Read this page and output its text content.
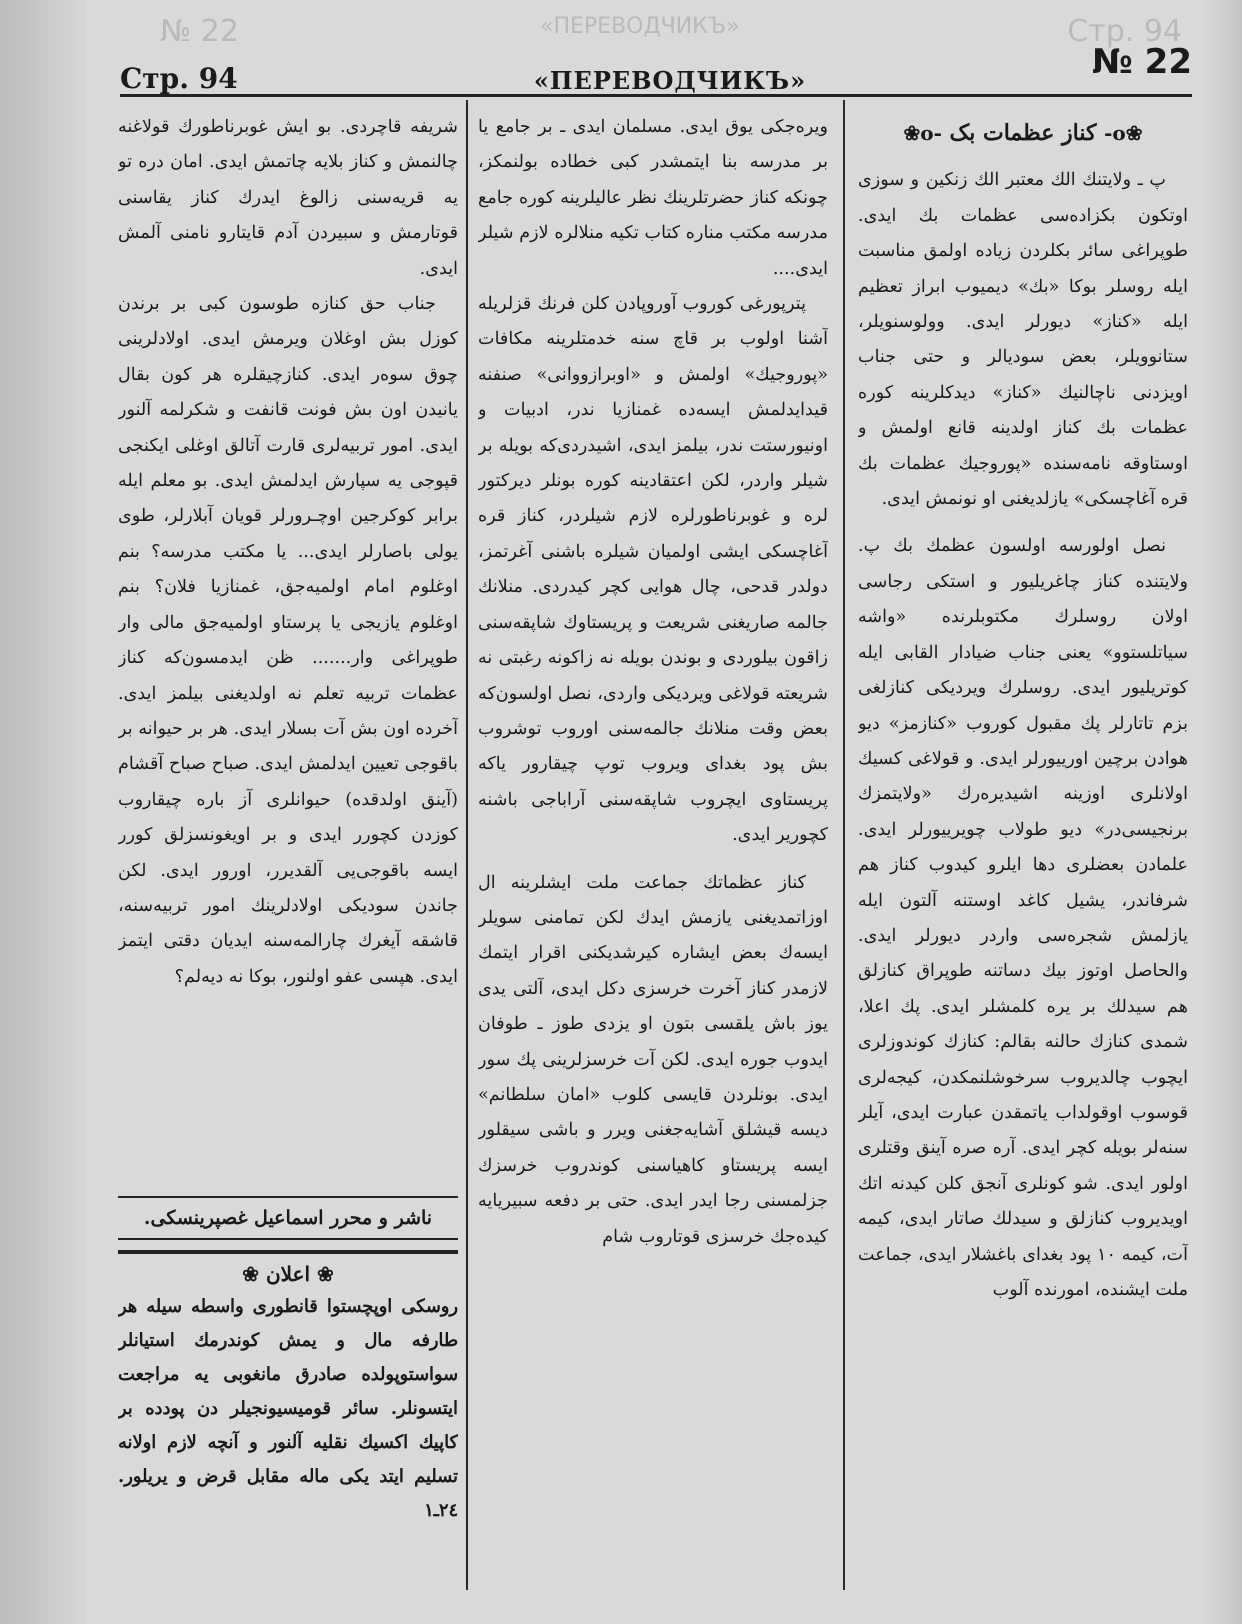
№ 22	«ПЕРЕВОДЧИКЪ»	Стр. 94
Стр. 94	«ПЕРЕВОДЧИКЪ»	№ 22

❀o- کناز عظمات بک -o❀

پ ـ ولايتنك الك معتبر الك زنكين و سوزى اوتكون بكزادەسى عظمات بك ايدى. طوپراغى سائر بكلردن زياده اولمق مناسبت ايله روسلر بوكا «بك» ديميوب ابراز تعظيم ايله «كناز» ديورلر ايدى. وولوسنويلر، ستانوويلر، بعض سوديالر و حتى جناب اويزدنى ناچالنيك «كناز» ديدكلرينه كوره عظمات بك كناز اولدينه قانع اولمش و اوستاوقه نامەسنده «پوروجيك عظمات بك قره آغاچسكى» يازلديغنى او نونمش ايدى.

نصل اولورسه اولسون عظمك بك پ. ولايتنده كناز چاغريليور و استكى رجاسى اولان روسلرك مكتوبلرنده «واشه سياتلستوو» يعنى جناب ضيادار القابى ايله كوتريليور ايدى. روسلرك ويرديكى كنازلغى بزم تاتارلر پك مقبول كوروب «كنازمز» ديو هوادن برچين اورييورلر ايدى. و قولاغى كسيك اولانلرى اوزينه اشيديرەرك «ولايتمزك برنجيسى‌در» ديو طولاب چويرييورلر ايدى. علمادن بعضلرى دها ايلرو كيدوب كناز هم شرفاندر، يشيل كاغد اوستنه آلتون ايله يازلمش شجرەسى واردر ديورلر ايدى. والحاصل اوتوز بيك دساتنه طوپراق كنازلق هم سيدلك بر يره كلمشلر ايدى. پك اعلا، شمدى كنازك حالنه بقالم: كنازك كوندوزلرى ايچوب چالديروب سرخوشلنمكدن، كيجەلرى قوسوب اوقولداب ياتمقدن عبارت ايدى، آيلر سنەلر بويله كچر ايدى. آره صره آينق وقتلرى اولور ايدى. شو كونلرى آنجق كلن كيدنه اتك اويديروب كنازلق و سيدلك صاتار ايدى، كيمه آت، كيمه ١٠ پود بغداى باغشلار ايدى، جماعت ملت ايشنده، امورنده آلوب

ويرەجكى يوق ايدى. مسلمان ايدى ـ بر جامع يا بر مدرسه بنا ايتمشدر كبى خطاده بولنمكز، چونكه كناز حضرتلرينك نظر عاليلرينه كوره جامع مدرسه مكتب مناره كتاب تكيه منلالره لازم شيلر ايدى....

پترپورغى كوروب آوروپادن كلن فرنك قزلريله آشنا اولوب بر قاچ سنه خدمتلرينه مكافات «پوروجيك» اولمش و «اوبرازووانى» صنفنه قيدايدلمش ايسەده غمنازيا ندر، ادبيات و اونيورستت ندر، بيلمز ايدى، اشيدردى‌كه بويله بر شيلر واردر، لكن اعتقادينه كوره بونلر ديركتور لره و غوبرناطورلره لازم شيلردر، كناز قره آغاچسكى ايشى اولميان شيلره باشنى آغرتمز، دولدر قدحى، چال هوايى كچر كيدردى. منلانك جالمه صاريغنى شريعت و پريستاوك شاپقەسنى زاقون بيلوردى و بوندن بويله نه زاكونه رغبتى نه شريعته قولاغى ويرديكى واردى، نصل اولسون‌كه بعض وقت منلانك جالمەسنى اوروب توشروب بش پود بغداى ويروب توپ چيقارور ياكه پريستاوى ايچروب شاپقەسنى آراباجى باشنه كچورير ايدى.

كناز عظماتك جماعت ملت ايشلرينه ال اوزاتمديغنى يازمش ايدك لكن تمامنى سويلر ايسەك بعض ايشاره كيرشديكنى اقرار ايتمك لازمدر كناز آخرت خرسزى دكل ايدى، آلتى يدى يوز باش يلقسى بتون او يزدى طوز ـ طوفان ايدوب جوره ايدى. لكن آت خرسزلرينى پك سور ايدى. بونلردن قايسى كلوب «امان سلطانم» ديسه قيشلق آشايەجغنى ويرر و باشى سيقلور ايسه پريستاو كاهياسنى كوندروب خرسزك جزلمسنى رجا ايدر ايدى. حتى بر دفعه سبيريايه كيدەجك خرسزى قوتاروب شام

شريفه قاچردى. بو ايش غوبرناطورك قولاغنه چالنمش و كناز بلايه چاتمش ايدى. امان دره تو يه قريەسنى زالوغ ايدرك كناز يقاسنى قوتارمش و سبيردن آدم قايتارو نامنى آلمش ايدى.

جناب حق كنازه طوسون كبى بر برندن كوزل بش اوغلان ويرمش ايدى. اولادلرينى چوق سوەر ايدى. كنازچيقلره هر كون بقال يانيدن اون بش فونت قانفت و شكرلمه آلنور ايدى. امور تربيەلرى قارت آتالق اوغلى ايكنجى قپوجى يه سپارش ايدلمش ايدى. بو معلم ايله برابر كوكرجين اوچـرورلر قويان آبلارلر، طوى يولى باصارلر ايدى... يا مكتب مدرسه؟ بنم اوغلوم امام اولميەجق، غمنازيا فلان؟ بنم اوغلوم يازيجى يا پرستاو اولميەجق مالى وار طوپراغى وار....... ظن ايدمسون‌كه كناز عظمات تربيه تعلم نه اولديغنى بيلمز ايدى. آخرده اون بش آت بسلار ايدى. هر بر حيوانه بر باقوجى تعيين ايدلمش ايدى. صباح صباح آقشام (آينق اولدقده) حيوانلرى آز باره چيقاروب كوزدن كچورر ايدى و بر اويغونسزلق كورر ايسه باقوجى‌يى آلقديرر، اورور ايدى. لكن جاندن سوديكى اولادلرينك امور تربيەسنه، قاشقه آيغرك چارالمەسنه ايديان دقتى ايتمز ايدى. هپسى عفو اولنور، بوكا نه ديەلم؟

ناشر و محرر اسماعيل غصپرينسكى.
❀ اعلان ❀

روسكى اوپچستوا قانطورى واسطه سيله هر طارفه مال و يمش كوندرمك استيانلر سواستوپولده صادرق مانغوبى يه مراجعت ايتسونلر. سائر قوميسيونجيلر دن پودده بر كاپيك اكسيك نقليه آلنور و آنچه لازم اولانه تسليم ايتد يكى ماله مقابل قرض و يريلور. ٢٤ـ١
